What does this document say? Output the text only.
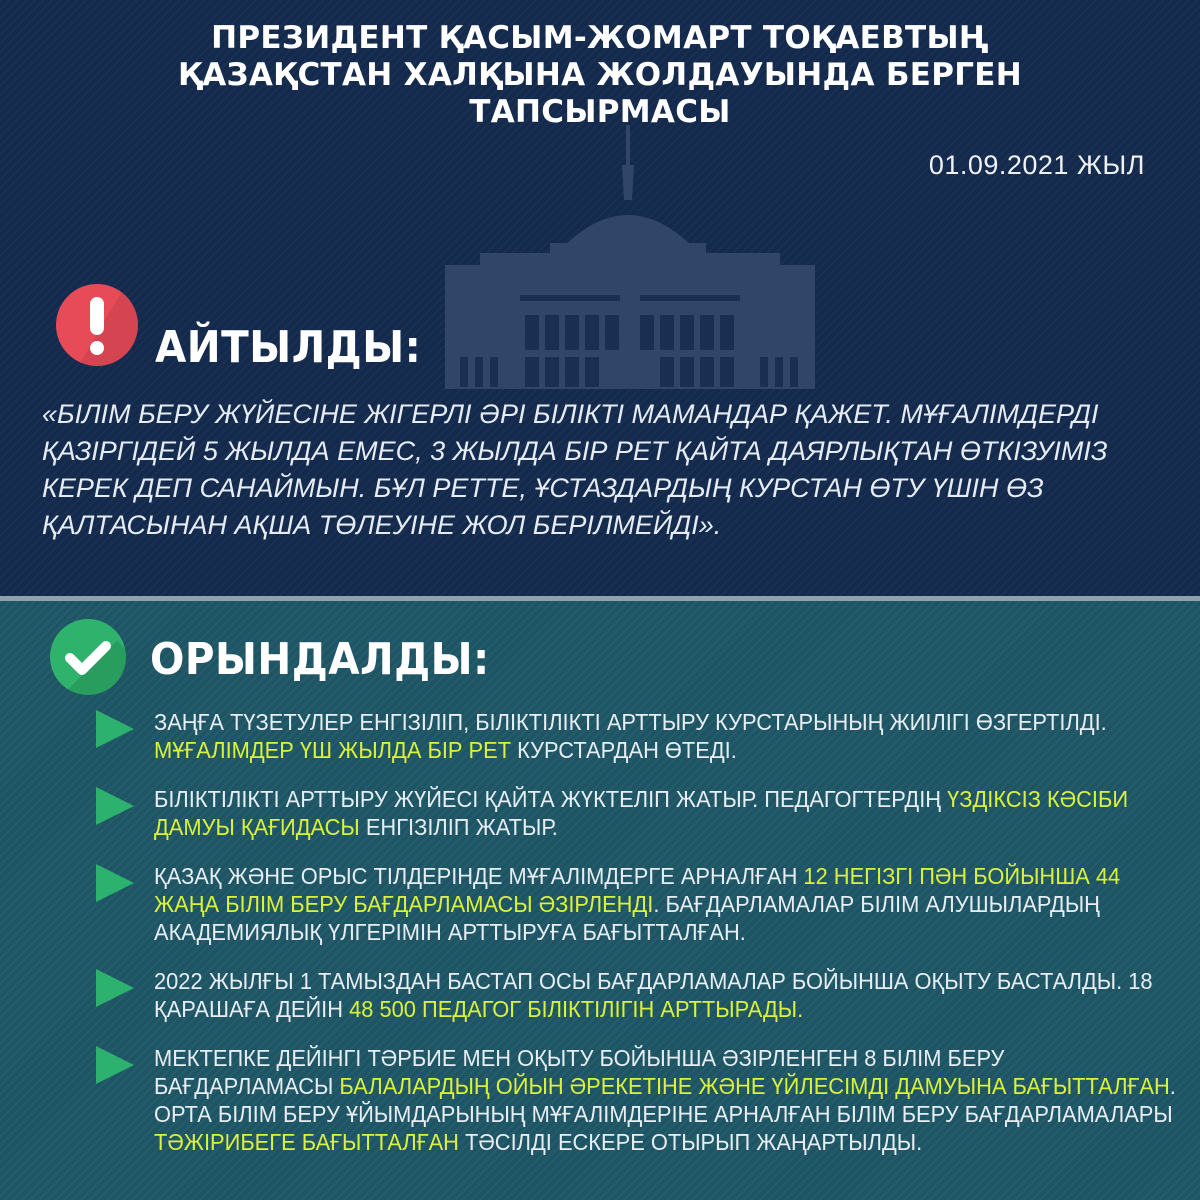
ПРЕЗИДЕНТ ҚАСЫМ-ЖОМАРТ ТОҚАЕВТЫҢ
ҚАЗАҚСТАН ХАЛҚЫНА ЖОЛДАУЫНДА БЕРГЕН
ТАПСЫРМАСЫ
01.09.2021 ЖЫЛ
АЙТЫЛДЫ:
«БІЛІМ БЕРУ ЖҮЙЕСІНЕ ЖІГЕРЛІ ӘРІ БІЛІКТІ МАМАНДАР ҚАЖЕТ. МҰҒАЛІМДЕРДІ ҚАЗІРГІДЕЙ 5 ЖЫЛДА ЕМЕС, 3 ЖЫЛДА БІР РЕТ ҚАЙТА ДАЯРЛЫҚТАН ӨТКІЗУІМІЗ КЕРЕК ДЕП САНАЙМЫН. БҰЛ РЕТТЕ, ҰСТАЗДАРДЫҢ КУРСТАН ӨТУ ҮШІН ӨЗ ҚАЛТАСЫНАН АҚША ТӨЛЕУІНЕ ЖОЛ БЕРІЛМЕЙДІ».
ОРЫНДАЛДЫ:
ЗАҢҒА ТҮЗЕТУЛЕР ЕНГІЗІЛІП, БІЛІКТІЛІКТІ АРТТЫРУ КУРСТАРЫНЫҢ ЖИІЛІГІ ӨЗГЕРТІЛДІ. МҰҒАЛІМДЕР ҮШ ЖЫЛДА БІР РЕТ КУРСТАРДАН ӨТЕДІ.
БІЛІКТІЛІКТІ АРТТЫРУ ЖҮЙЕСІ ҚАЙТА ЖҮКТЕЛІП ЖАТЫР. ПЕДАГОГТЕРДІҢ ҮЗДІКСІЗ КӘСІБИ ДАМУЫ ҚАҒИДАСЫ ЕНГІЗІЛІП ЖАТЫР.
ҚАЗАҚ ЖӘНЕ ОРЫС ТІЛДЕРІНДЕ МҰҒАЛІМДЕРГЕ АРНАЛҒАН 12 НЕГІЗГІ ПӘН БОЙЫНША 44 ЖАҢА БІЛІМ БЕРУ БАҒДАРЛАМАСЫ ӘЗІРЛЕНДІ. БАҒДАРЛАМАЛАР БІЛІМ АЛУШЫЛАРДЫҢ АКАДЕМИЯЛЫҚ ҮЛГЕРІМІН АРТТЫРУҒА БАҒЫТТАЛҒАН.
2022 ЖЫЛҒЫ 1 ТАМЫЗДАН БАСТАП ОСЫ БАҒДАРЛАМАЛАР БОЙЫНША ОҚЫТУ БАСТАЛДЫ. 18 ҚАРАШАҒА ДЕЙІН 48 500 ПЕДАГОГ БІЛІКТІЛІГІН АРТТЫРАДЫ.
МЕКТЕПКЕ ДЕЙІНГІ ТӘРБИЕ МЕН ОҚЫТУ БОЙЫНША ӘЗІРЛЕНГЕН 8 БІЛІМ БЕРУ БАҒДАРЛАМАСЫ БАЛАЛАРДЫҢ ОЙЫН ӘРЕКЕТІНЕ ЖӘНЕ ҮЙЛЕСІМДІ ДАМУЫНА БАҒЫТТАЛҒАН. ОРТА БІЛІМ БЕРУ ҰЙЫМДАРЫНЫҢ МҰҒАЛІМДЕРІНЕ АРНАЛҒАН БІЛІМ БЕРУ БАҒДАРЛАМАЛАРЫ ТӘЖІРИБЕГЕ БАҒЫТТАЛҒАН ТӘСІЛДІ ЕСКЕРЕ ОТЫРЫП ЖАҢАРТЫЛДЫ.
